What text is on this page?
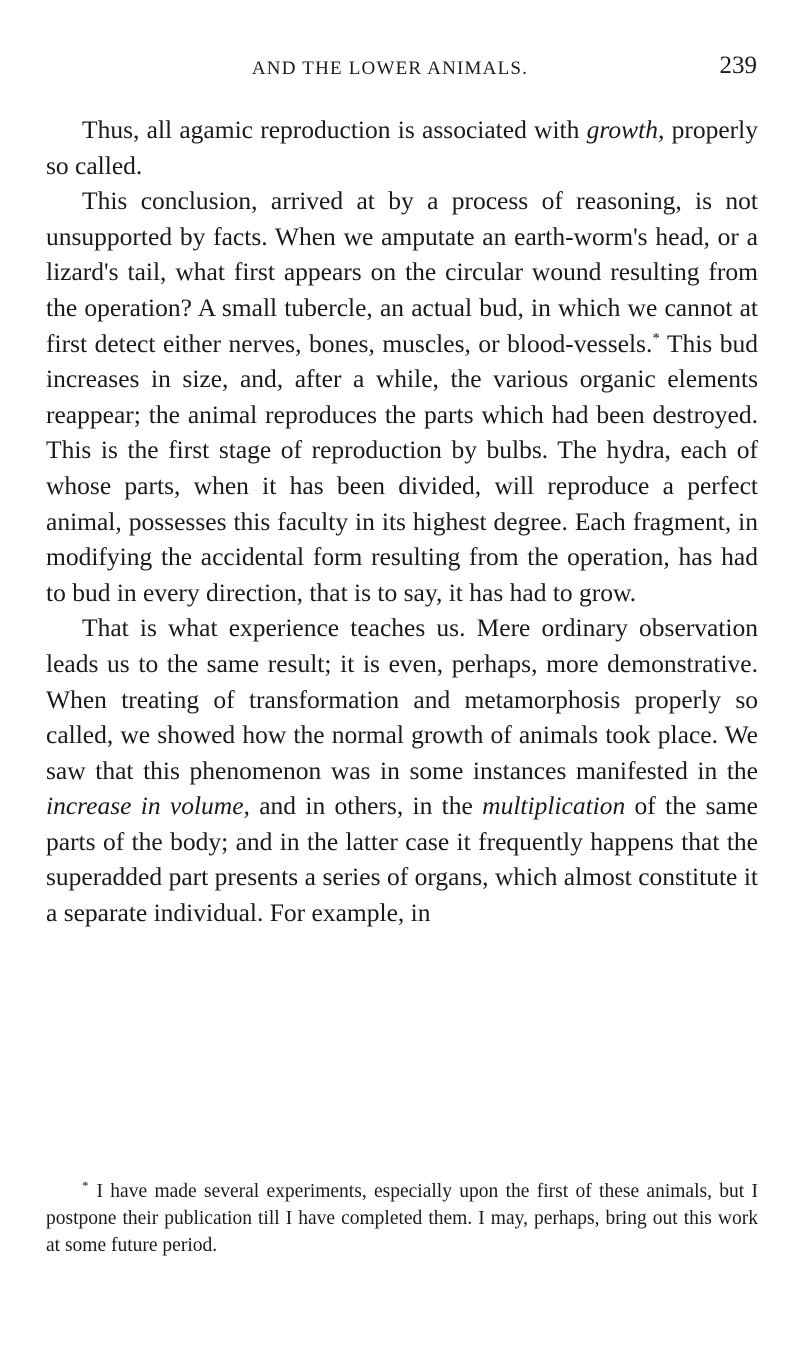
AND THE LOWER ANIMALS.	239

Thus, all agamic reproduction is associated with growth, properly so called.

This conclusion, arrived at by a process of reasoning, is not unsupported by facts. When we amputate an earth-worm's head, or a lizard's tail, what first appears on the circular wound resulting from the operation? A small tubercle, an actual bud, in which we cannot at first detect either nerves, bones, muscles, or blood-vessels.* This bud increases in size, and, after a while, the various organic elements reappear; the animal reproduces the parts which had been destroyed. This is the first stage of reproduction by bulbs. The hydra, each of whose parts, when it has been divided, will reproduce a perfect animal, possesses this faculty in its highest degree. Each fragment, in modifying the accidental form resulting from the operation, has had to bud in every direction, that is to say, it has had to grow.

That is what experience teaches us. Mere ordinary observation leads us to the same result; it is even, perhaps, more demonstrative. When treating of transformation and metamorphosis properly so called, we showed how the normal growth of animals took place. We saw that this phenomenon was in some instances manifested in the increase in volume, and in others, in the multiplication of the same parts of the body; and in the latter case it frequently happens that the superadded part presents a series of organs, which almost constitute it a separate individual. For example, in

* I have made several experiments, especially upon the first of these animals, but I postpone their publication till I have completed them. I may, perhaps, bring out this work at some future period.
